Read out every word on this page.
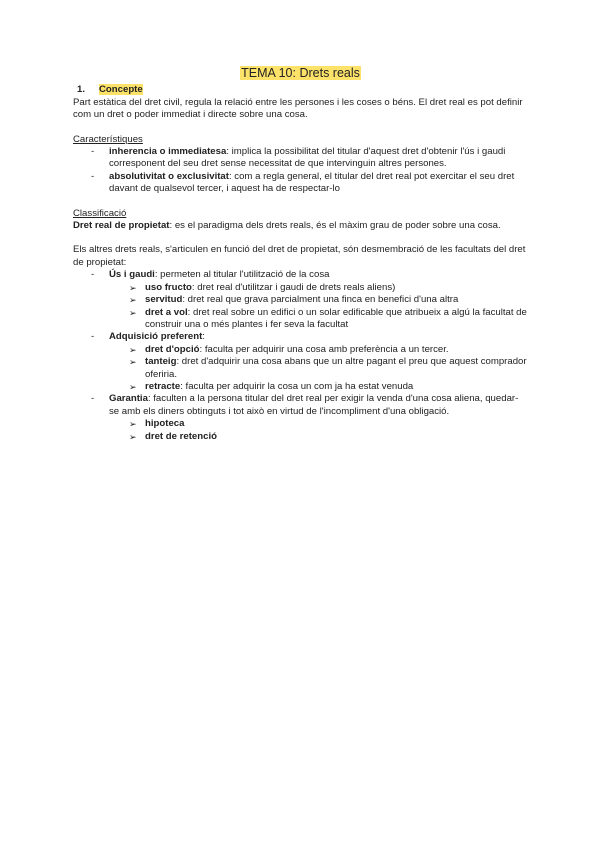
TEMA 10: Drets reals
1. Concepte

Part estàtica del dret civil, regula la relació entre les persones i les coses o béns. El dret real es pot definir com un dret o poder immediat i directe sobre una cosa.

Característiques

- inherencia o immediatesa: implica la possibilitat del titular d'aquest dret d'obtenir l'ús i gaudi corresponent del seu dret sense necessitat de que intervinguin altres persones.
- absolutivitat o exclusivitat: com a regla general, el titular del dret real pot exercitar el seu dret davant de qualsevol tercer, i aquest ha de respectar-lo

Classificació

Dret real de propietat: es el paradigma dels drets reals, és el màxim grau de poder sobre una cosa.

Els altres drets reals, s'articulen en funció del dret de propietat, són desmembració de les facultats del dret de propietat:

- Ús i gaudi: permeten al titular l'utilització de la cosa
➢ uso fructo: dret real d'utilitzar i gaudi de drets reals aliens)
➢ servitud: dret real que grava parcialment una finca en benefici d'una altra
➢ dret a vol: dret real sobre un edifici o un solar edificable que atribueix a algú la facultat de construir una o més plantes i fer seva la facultat
- Adquisició preferent:
➢ dret d'opció: faculta per adquirir una cosa amb preferència a un tercer.
➢ tanteig: dret d'adquirir una cosa abans que un altre pagant el preu que aquest comprador oferiria.
➢ retracte: faculta per adquirir la cosa un com ja ha estat venuda
- Garantia: faculten a la persona titular del dret real per exigir la venda d'una cosa aliena, quedar-se amb els diners obtinguts i tot això en virtud de l'incompliment d'una obligació.
➢ hipoteca
➢ dret de retenció
